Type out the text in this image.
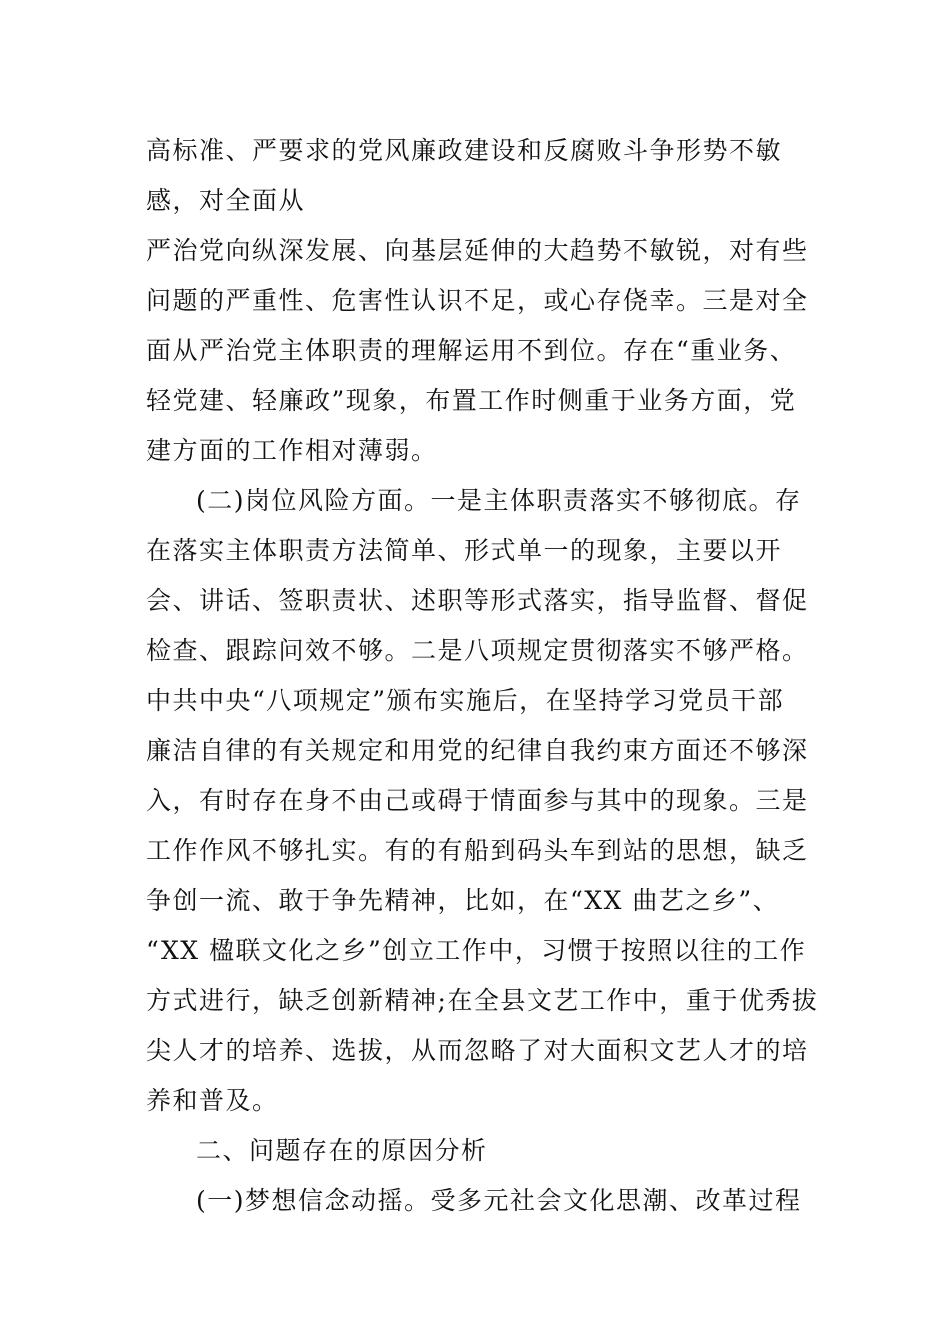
高标准、严要求的党风廉政建设和反腐败斗争形势不敏
感，对全面从
严治党向纵深发展、向基层延伸的大趋势不敏锐，对有些
问题的严重性、危害性认识不足，或心存侥幸。三是对全
面从严治党主体职责的理解运用不到位。存在“重业务、
轻党建、轻廉政”现象，布置工作时侧重于业务方面，党
建方面的工作相对薄弱。
(二)岗位风险方面。一是主体职责落实不够彻底。存
在落实主体职责方法简单、形式单一的现象，主要以开
会、讲话、签职责状、述职等形式落实，指导监督、督促
检查、跟踪问效不够。二是八项规定贯彻落实不够严格。
中共中央“八项规定”颁布实施后，在坚持学习党员干部
廉洁自律的有关规定和用党的纪律自我约束方面还不够深
入，有时存在身不由己或碍于情面参与其中的现象。三是
工作作风不够扎实。有的有船到码头车到站的思想，缺乏
争创一流、敢于争先精神，比如，在“XX 曲艺之乡”、
“XX 楹联文化之乡”创立工作中，习惯于按照以往的工作
方式进行，缺乏创新精神;在全县文艺工作中，重于优秀拔
尖人才的培养、选拔，从而忽略了对大面积文艺人才的培
养和普及。
二、问题存在的原因分析
(一)梦想信念动摇。受多元社会文化思潮、改革过程
